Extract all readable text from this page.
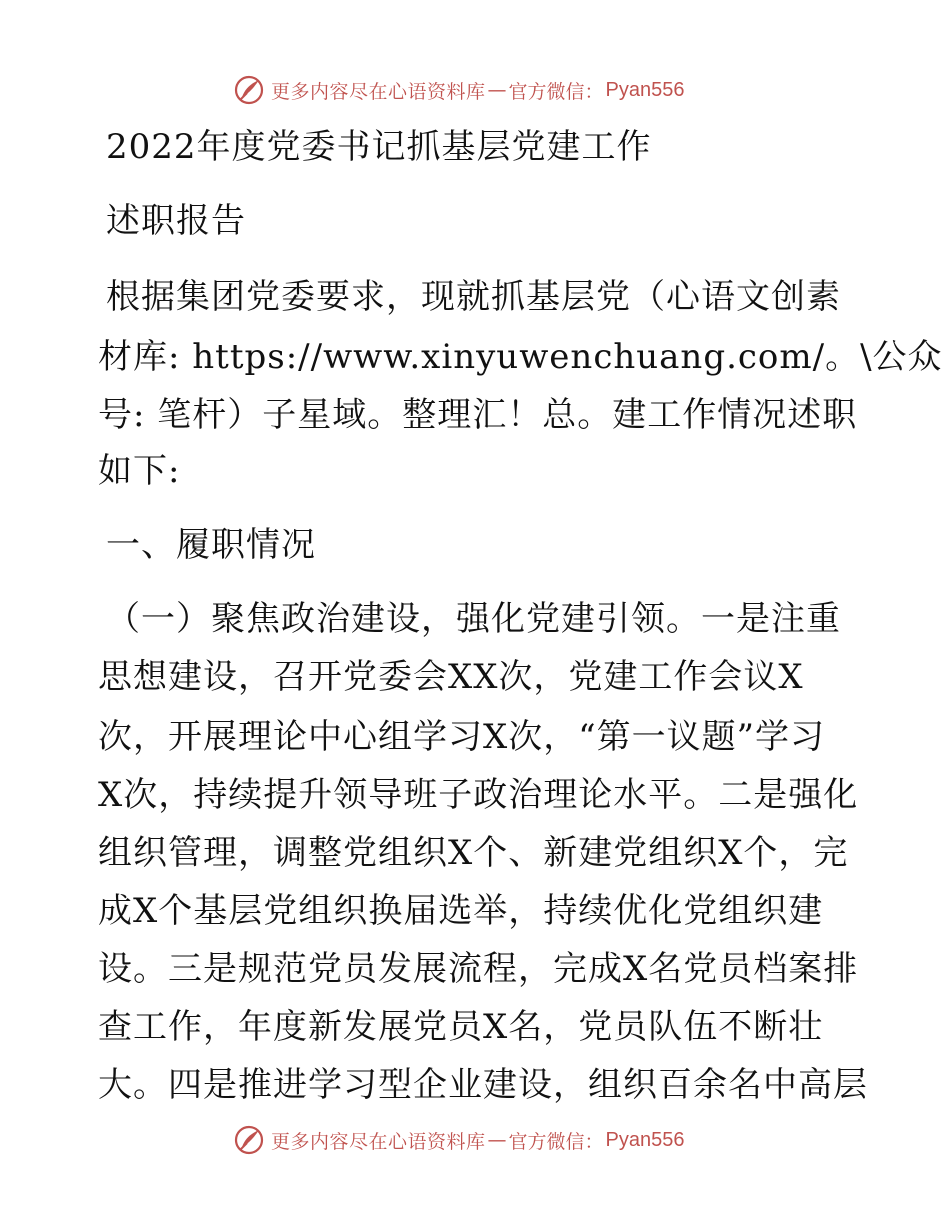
更多内容尽在心语资料库 — 官方微信： Pyan556
2022年度党委书记抓基层党建工作
述职报告
根据集团党委要求，现就抓基层党（心语文创素
材库: https://www.xinyuwenchuang.com/。\公众
号: 笔杆）子星域。整理汇！总。建工作情况述职
如下:
一、履职情况
（一）聚焦政治建设，强化党建引领。一是注重
思想建设，召开党委会XX次，党建工作会议X
次，开展理论中心组学习X次，“第一议题”学习
X次，持续提升领导班子政治理论水平。二是强化
组织管理，调整党组织X个、新建党组织X个，完
成X个基层党组织换届选举，持续优化党组织建
设。三是规范党员发展流程，完成X名党员档案排
查工作，年度新发展党员X名，党员队伍不断壮
大。四是推进学习型企业建设，组织百余名中高层
更多内容尽在心语资料库 — 官方微信： Pyan556
